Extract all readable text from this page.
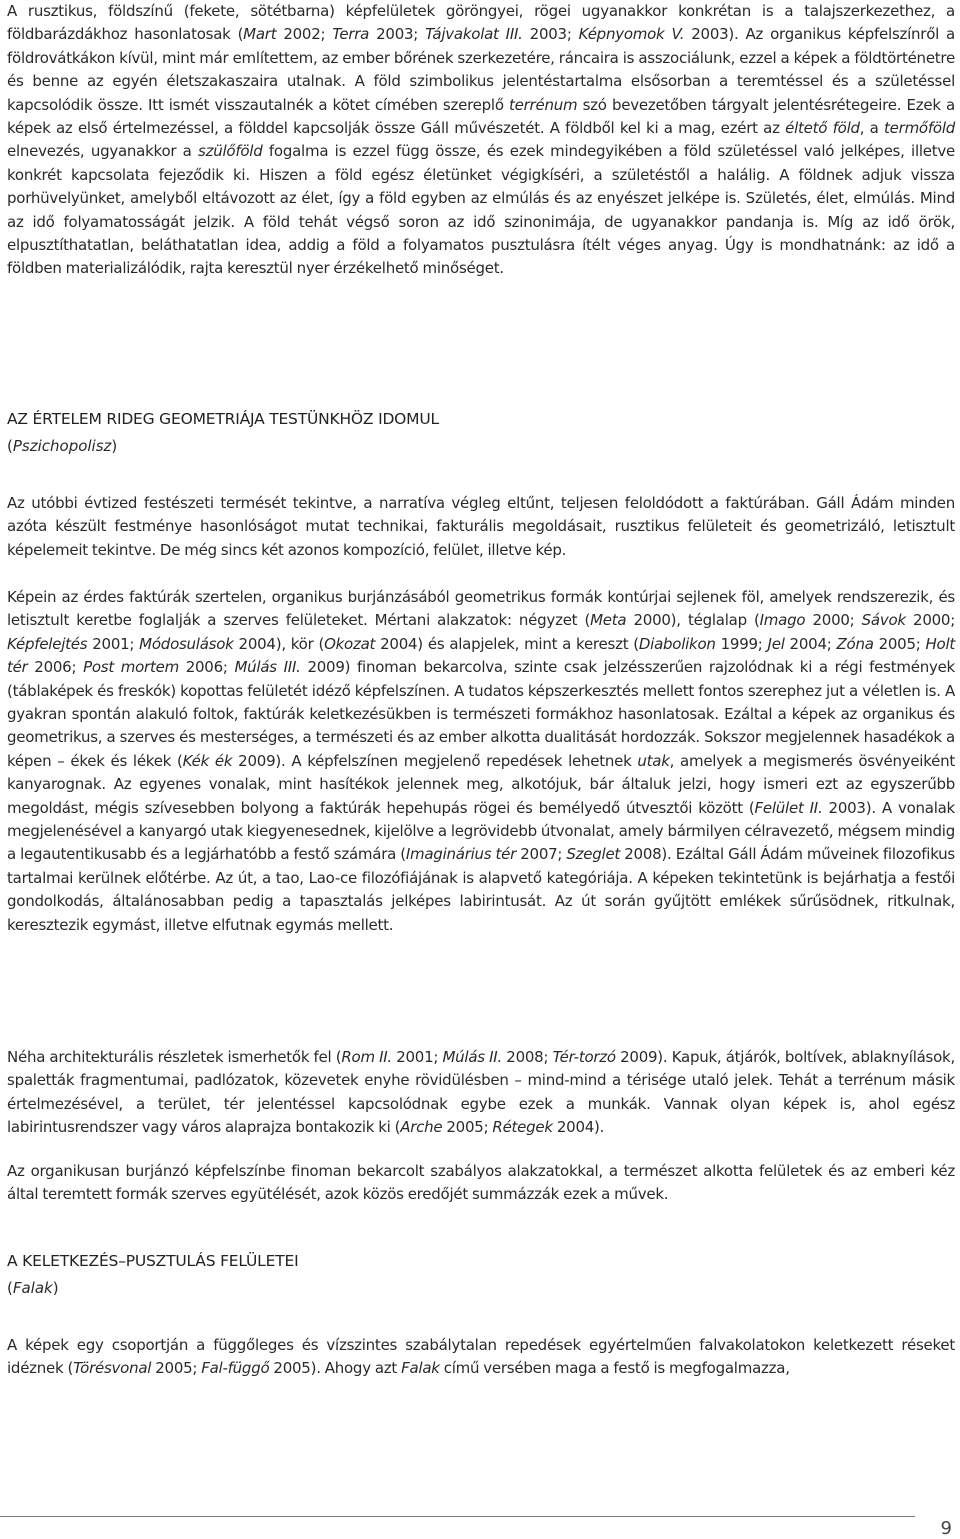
A rusztikus, földszínű (fekete, sötétbarna) képfelületek göröngyei, rögei ugyanakkor konkrétan is a talajszerkezethez, a földbarázdákhoz hasonlatosak (Mart 2002; Terra 2003; Tájvakolat III. 2003; Képnyomok V. 2003). Az organikus képfelszínről a földrovátkákon kívül, mint már említettem, az ember bőrének szerkezetére, ráncaira is asszociálunk, ezzel a képek a földtörténetre és benne az egyén életszakaszaira utalnak. A föld szimbolikus jelentéstartalma elsősorban a teremtéssel és a születéssel kapcsolódik össze. Itt ismét visszautalnék a kötet címében szereplő terrénum szó bevezetőben tárgyalt jelentésrétegeire. Ezek a képek az első értelmezéssel, a földdel kapcsolják össze Gáll művészetét. A földből kel ki a mag, ezért az éltető föld, a termőföld elnevezés, ugyanakkor a szülőföld fogalma is ezzel függ össze, és ezek mindegyikében a föld születéssel való jelképes, illetve konkrét kapcsolata fejeződik ki. Hiszen a föld egész életünket végigkíséri, a születéstől a halálig. A földnek adjuk vissza porhüvelyünket, amelyből eltávozott az élet, így a föld egyben az elmúlás és az enyészet jelképe is. Születés, élet, elmúlás. Mind az idő folyamatosságát jelzik. A föld tehát végső soron az idő szinonimája, de ugyanakkor pandanja is. Míg az idő örök, elpusztíthatatlan, beláthatatlan idea, addig a föld a folyamatos pusztulásra ítélt véges anyag. Úgy is mondhatnánk: az idő a földben materializálódik, rajta keresztül nyer érzékelhető minőséget.

AZ ÉRTELEM RIDEG GEOMETRIÁJA TESTÜNKHÖZ IDOMUL
(Pszichopolisz)

Az utóbbi évtized festészeti termését tekintve, a narratíva végleg eltűnt, teljesen feloldódott a faktúrában. Gáll Ádám minden azóta készült festménye hasonlóságot mutat technikai, fakturális megoldásait, rusztikus felületeit és geometrizáló, letisztult képelemeit tekintve. De még sincs két azonos kompozíció, felület, illetve kép.

Képein az érdes faktúrák szertelen, organikus burjánzásából geometrikus formák kontúrjai sejlenek föl, amelyek rendszerezik, és letisztult keretbe foglalják a szerves felületeket. Mértani alakzatok: négyzet (Meta 2000), téglalap (Imago 2000; Sávok 2000; Képfelejtés 2001; Módosulások 2004), kör (Okozat 2004) és alapjelek, mint a kereszt (Diabolikon 1999; Jel 2004; Zóna 2005; Holt tér 2006; Post mortem 2006; Múlás III. 2009) finoman bekarcolva, szinte csak jelzésszerűen rajzolódnak ki a régi festmények (táblaképek és freskók) kopottas felületét idéző képfelszínen. A tudatos képszerkesztés mellett fontos szerephez jut a véletlen is. A gyakran spontán alakuló foltok, faktúrák keletkezésükben is természeti formákhoz hasonlatosak. Ezáltal a képek az organikus és geometrikus, a szerves és mesterséges, a természeti és az ember alkotta dualitását hordozzák. Sokszor megjelennek hasadékok a képen – ékek és lékek (Kék ék 2009). A képfelszínen megjelenő repedések lehetnek utak, amelyek a megismerés ösvényeiként kanyarognak. Az egyenes vonalak, mint hasítékok jelennek meg, alkotójuk, bár általuk jelzi, hogy ismeri ezt az egyszerűbb megoldást, mégis szívesebben bolyong a faktúrák hepehupás rögei és bemélyedő útvesztői között (Felület II. 2003). A vonalak megjelenésével a kanyargó utak kiegyenesednek, kijelölve a legrövidebb útvonalat, amely bármilyen célravezető, mégsem mindig a legautentikusabb és a legjárhatóbb a festő számára (Imaginárius tér 2007; Szeglet 2008). Ezáltal Gáll Ádám műveinek filozofikus tartalmai kerülnek előtérbe. Az út, a tao, Lao-ce filozófiájának is alapvető kategóriája. A képeken tekintetünk is bejárhatja a festői gondolkodás, általánosabban pedig a tapasztalás jelképes labirintusát. Az út során gyűjtött emlékek sűrűsödnek, ritkulnak, keresztezik egymást, illetve elfutnak egymás mellett.

Néha architekturális részletek ismerhetők fel (Rom II. 2001; Múlás II. 2008; Tér-torzó 2009). Kapuk, átjárók, boltívek, ablaknyílások, spaletták fragmentumai, padlózatok, közevetek enyhe rövidülésben – mind-mind a térisége utaló jelek. Tehát a terrénum másik értelmezésével, a terület, tér jelentéssel kapcsolódnak egybe ezek a munkák. Vannak olyan képek is, ahol egész labirintusrendszer vagy város alaprajza bontakozik ki (Arche 2005; Rétegek 2004).

Az organikusan burjánzó képfelszínbe finoman bekarcolt szabályos alakzatokkal, a természet alkotta felületek és az emberi kéz által teremtett formák szerves együtélését, azok közös eredőjét summázzák ezek a művek.

A KELETKEZÉS–PUSZTULÁS FELÜLETEI
(Falak)

A képek egy csoportján a függőleges és vízszintes szabálytalan repedések egyértelműen falvakolatokon keletkezett réseket idéznek (Törésvonal 2005; Fal-függő 2005). Ahogy azt Falak című versében maga a festő is megfogalmazza,

9
